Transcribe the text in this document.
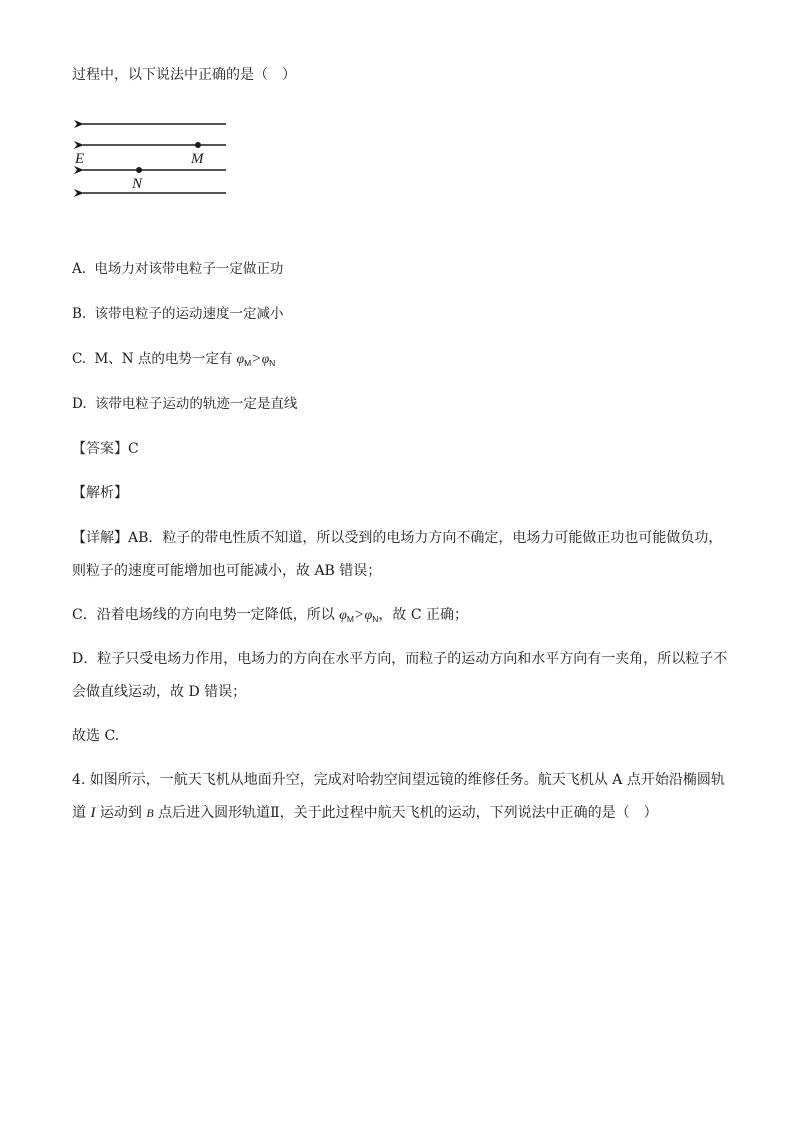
过程中，以下说法中正确的是（　）
E	M
N
A. 电场力对该带电粒子一定做正功
B. 该带电粒子的运动速度一定减小
C. M、N 点的电势一定有 $\varphi_M>\varphi_N$
D. 该带电粒子运动的轨迹一定是直线
【答案】C
【解析】
【详解】AB．粒子的带电性质不知道，所以受到的电场力方向不确定，电场力可能做正功也可能做负功，
则粒子的速度可能增加也可能减小，故 AB 错误；
C．沿着电场线的方向电势一定降低，所以 $\varphi_M>\varphi_N$，故 C 正确；
D．粒子只受电场力作用，电场力的方向在水平方向，而粒子的运动方向和水平方向有一夹角，所以粒子不
会做直线运动，故 D 错误；
故选 C.
4. 如图所示，一航天飞机从地面升空，完成对哈勃空间望远镜的维修任务。航天飞机从 A 点开始沿椭圆轨
道 I 运动到 B 点后进入圆形轨道Ⅱ，关于此过程中航天飞机的运动，下列说法中正确的是（　）
